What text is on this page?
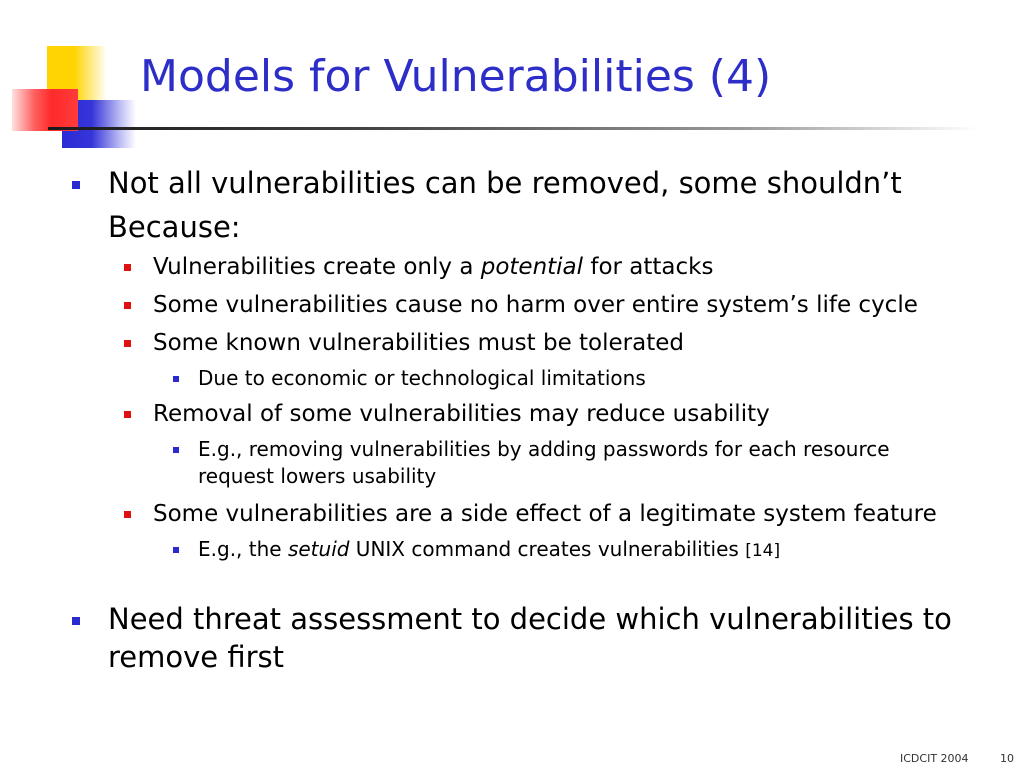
Models for Vulnerabilities (4)

Not all vulnerabilities can be removed, some shouldn’t

Because:

Vulnerabilities create only a potential for attacks

Some vulnerabilities cause no harm over entire system’s life cycle

Some known vulnerabilities must be tolerated

Due to economic or technological limitations

Removal of some vulnerabilities may reduce usability

E.g., removing vulnerabilities by adding passwords for each resource

request lowers usability

Some vulnerabilities are a side effect of a legitimate system feature

E.g., the setuid UNIX command creates vulnerabilities [14]

Need threat assessment to decide which vulnerabilities to

remove first

ICDCIT 2004	10
